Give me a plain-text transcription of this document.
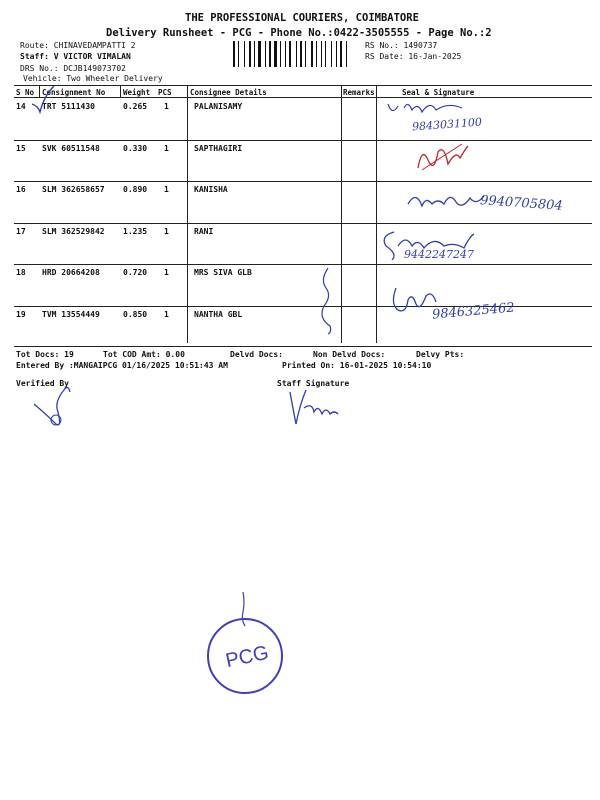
THE PROFESSIONAL COURIERS, COIMBATORE
Delivery Runsheet - PCG - Phone No.:0422-3505555 - Page No.:2
Route: CHINAVEDAMPATTI 2
Staff: V VICTOR VIMALAN
DRS No.: DCJB149073702
Vehicle: Two Wheeler Delivery
RS No.: 1490737
RS Date: 16-Jan-2025
S No Consignment No Weight PCS Consignee Details	Remarks	Seal & Signature
14 TRT 5111430	0.265 1	PALANISAMY
15 SVK 60511548	0.330 1	SAPTHAGIRI
16 SLM 362658657 0.890 1	KANISHA
17 SLM 362529842 1.235 1	RANI
18 HRD 20664208	0.720 1	MRS SIVA GLB
19 TVM 13554449	0.850 1	NANTHA GBL
Tot Docs: 19	Tot COD Amt: 0.00	Delvd Docs:	Non Delvd Docs:	Delvy Pts:
Entered By :MANGAIPCG 01/16/2025 10:51:43 AM	Printed On: 16-01-2025 10:54:10
Verified By	Staff Signature
9843031100
9940705804
9442247247
9846325462
PCG
